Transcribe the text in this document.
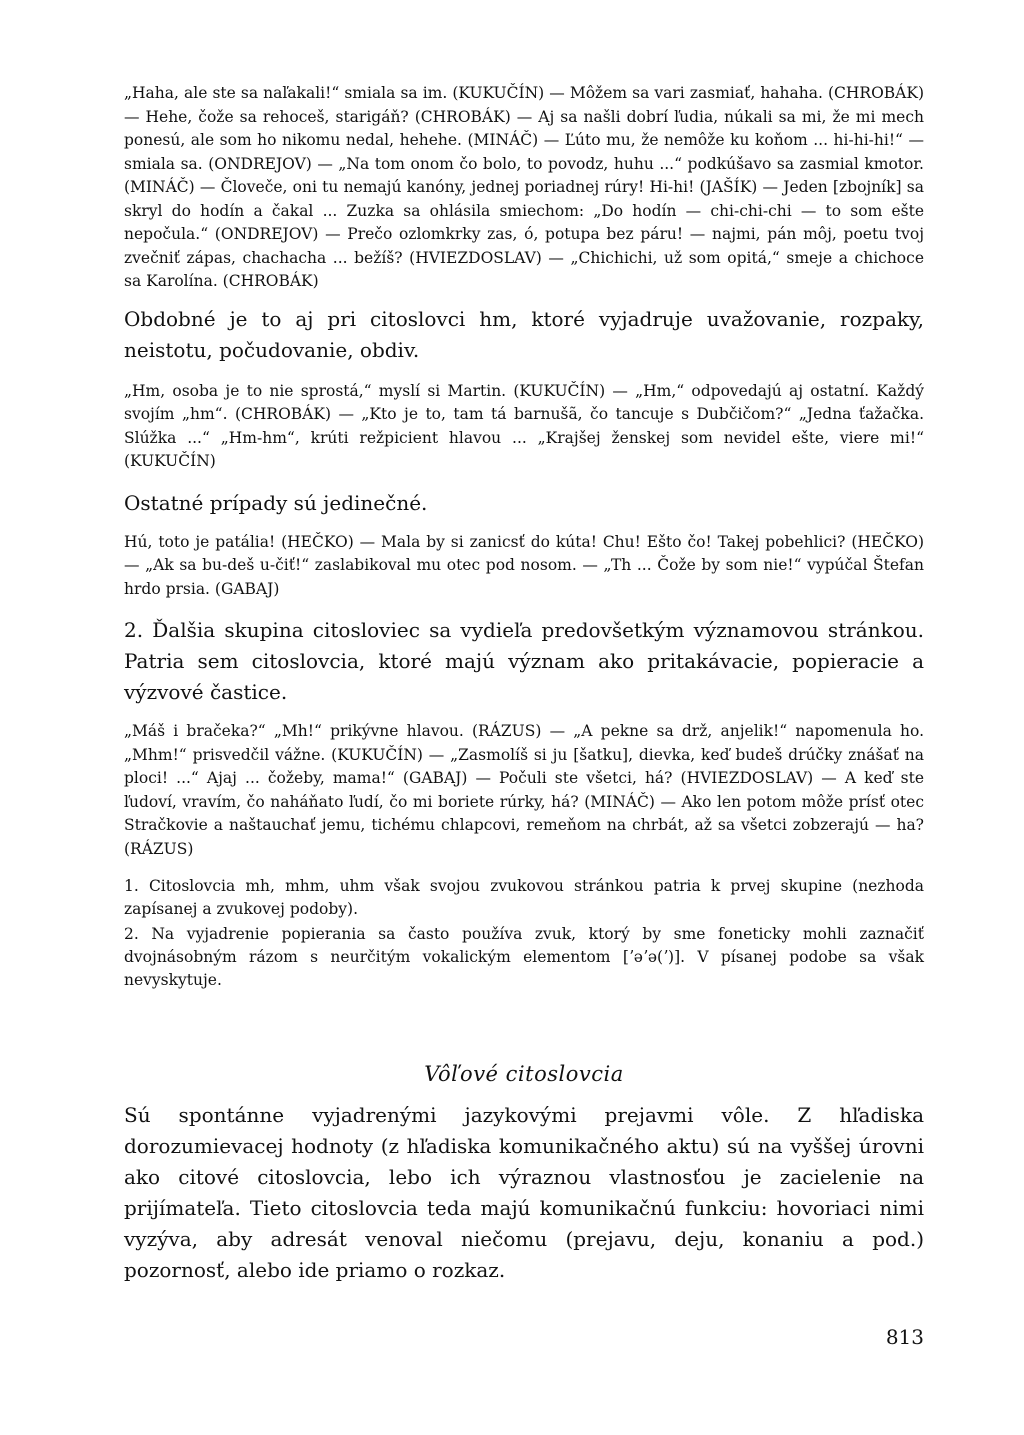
„Haha, ale ste sa naľakali!“ smiala sa im. (KUKUČÍN) — Môžem sa vari zasmiať, hahaha. (CHROBÁK) — Hehe, čože sa rehoceš, starigáň? (CHROBÁK) — Aj sa našli dobrí ľudia, núkali sa mi, že mi mech ponesú, ale som ho nikomu nedal, hehehe. (MINÁČ) — Ľúto mu, že nemôže ku koňom ... hi-hi-hi!“ — smiala sa. (ONDREJOV) — „Na tom onom čo bolo, to povodz, huhu ...“ podkúšavo sa zasmial kmotor. (MINÁČ) — Človeče, oni tu nemajú kanóny, jednej poriadnej rúry! Hi-hi! (JAŠÍK) — Jeden [zbojník] sa skryl do hodín a čakal ... Zuzka sa ohlásila smiechom: „Do hodín — chi-chi-chi — to som ešte nepočula.“ (ONDREJOV) — Prečo ozlomkrky zas, ó, potupa bez páru! — najmi, pán môj, poetu tvoj zvečniť zápas, chachacha ... bežíš? (HVIEZDOSLAV) — „Chichichi, už som opitá,“ smeje a chichoce sa Karolína. (CHROBÁK)

Obdobné je to aj pri citoslovci hm, ktoré vyjadruje uvažovanie, rozpaky, neistotu, počudovanie, obdiv.

„Hm, osoba je to nie sprostá,“ myslí si Martin. (KUKUČÍN) — „Hm,“ odpovedajú aj ostatní. Každý svojím „hm“. (CHROBÁK) — „Kto je to, tam tá barnušã, čo tancuje s Dubčičom?“ „Jedna ťažačka. Slúžka ...“ „Hm-hm“, krúti režpicient hlavou ... „Krajšej ženskej som nevidel ešte, viere mi!“ (KUKUČÍN)

Ostatné prípady sú jedinečné.

Hú, toto je patália! (HEČKO) — Mala by si zanicsť do kúta! Chu! Ešto čo! Takej pobehlici? (HEČKO) — „Ak sa bu-deš u-čiť!“ zaslabikoval mu otec pod nosom. — „Th ... Čože by som nie!“ vypúčal Štefan hrdo prsia. (GABAJ)

2. Ďalšia skupina citosloviec sa vydieľa predovšetkým významovou stránkou. Patria sem citoslovcia, ktoré majú význam ako pritakávacie, popieracie a výzvové častice.

„Máš i bračeka?“ „Mh!“ prikývne hlavou. (RÁZUS) — „A pekne sa drž, anjelik!“ napomenula ho. „Mhm!“ prisvedčil vážne. (KUKUČÍN) — „Zasmolíš si ju [šatku], dievka, keď budeš drúčky znášať na ploci! ...“ Ajaj ... čožeby, mama!“ (GABAJ) — Počuli ste všetci, há? (HVIEZDOSLAV) — A keď ste ľudoví, vravím, čo naháňato ľudí, čo mi boriete rúrky, há? (MINÁČ) — Ako len potom môže prísť otec Stračkovie a naštauchať jemu, tichému chlapcovi, remeňom na chrbát, až sa všetci zobzerajú — ha? (RÁZUS)

1. Citoslovcia mh, mhm, uhm však svojou zvukovou stránkou patria k prvej skupine (nezhoda zapísanej a zvukovej podoby).

2. Na vyjadrenie popierania sa často používa zvuk, ktorý by sme foneticky mohli zaznačiť dvojnásobným rázom s neurčitým vokalickým elementom [ʼəʼə(ʼ)]. V písanej podobe sa však nevyskytuje.

Vôľové citoslovcia

Sú spontánne vyjadrenými jazykovými prejavmi vôle. Z hľadiska dorozumievacej hodnoty (z hľadiska komunikačného aktu) sú na vyššej úrovni ako citové citoslovcia, lebo ich výraznou vlastnosťou je zacielenie na prijímateľa. Tieto citoslovcia teda majú komunikačnú funkciu: hovoriaci nimi vyzýva, aby adresát venoval niečomu (prejavu, deju, konaniu a pod.) pozornosť, alebo ide priamo o rozkaz.

813
